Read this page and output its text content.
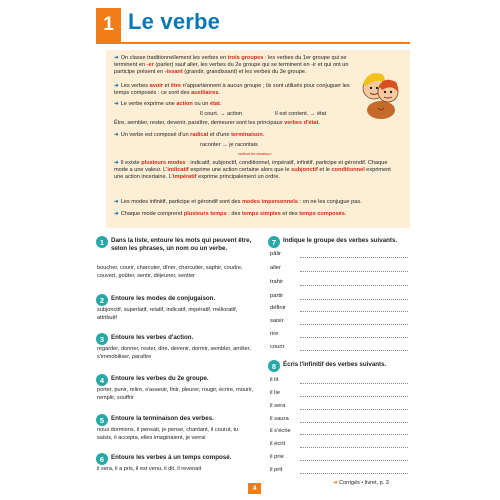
1 Le verbe
➜ On classe traditionnellement les verbes en trois groupes : les verbes du 1er groupe qui se terminent en -er (parler) sauf aller, les verbes du 2e groupe qui se terminent en -ir et qui ont un participe présent en -issant (grandir, grandissant) et les verbes du 3e groupe.
➜ Les verbes avoir et être n'appartiennent à aucun groupe ; ils sont utilisés pour conjuguer les temps composés : ce sont des auxiliaires.
➜ Le verbe exprime une action ou un état.
Il court. → action	Il est content. → état
Être, sembler, rester, devenir, paraître, demeurer sont les principaux verbes d'état.
➜ Un verbe est composé d'un radical et d'une terminaison.
raconter → je racontais
radical terminaison
➜ Il existe plusieurs modes : indicatif, subjonctif, conditionnel, impératif, infinitif, participe et gérondif. Chaque mode a une valeur. L'indicatif exprime une action certaine alors que le subjonctif et le conditionnel expriment une action incertaine. L'impératif exprime principalement un ordre.
➜ Les modes infinitif, participe et gérondif sont des modes impersonnels : on ne les conjugue pas.
➜ Chaque mode comprend plusieurs temps : des temps simples et des temps composés.
1	Dans la liste, entoure les mots qui peuvent être, selon les phrases, un nom ou un verbe.
boucher, courir, charcuter, dîner, charcutier, saphir, coudre, couvert, goûter, sentir, déjeuner, sentier
2	Entoure les modes de conjugaison.
subjonctif, superlatif, relatif, indicatif, impératif, mélioratif, attributif
3	Entoure les verbes d'action.
regarder, donner, rester, dire, devenir, dormir, sembler, arrêter, s'immobiliser, paraître
4	Entoure les verbes du 2e groupe.
porter, punir, relire, s'asseoir, finir, pleurer, rougir, écrire, mourir, remplir, souffrir
5	Entoure la terminaison des verbes.
nous dormions, il pensait, je pense, chantant, il courut, tu saisis, il accepta, elles imaginaient, je verrai
6	Entoure les verbes à un temps composé.
il sera, il a pris, il est venu, il dit, il revenait
7	Indique le groupe des verbes suivants.
pâlir
aller
trahir
partir
définir
saisir
rire
courir
8	Écris l'infinitif des verbes suivants.
il lit
il lie
il sera
il saura
il s'écrie
il écrit
il prie
il prit
➜ Corrigés • livret, p. 3
4
